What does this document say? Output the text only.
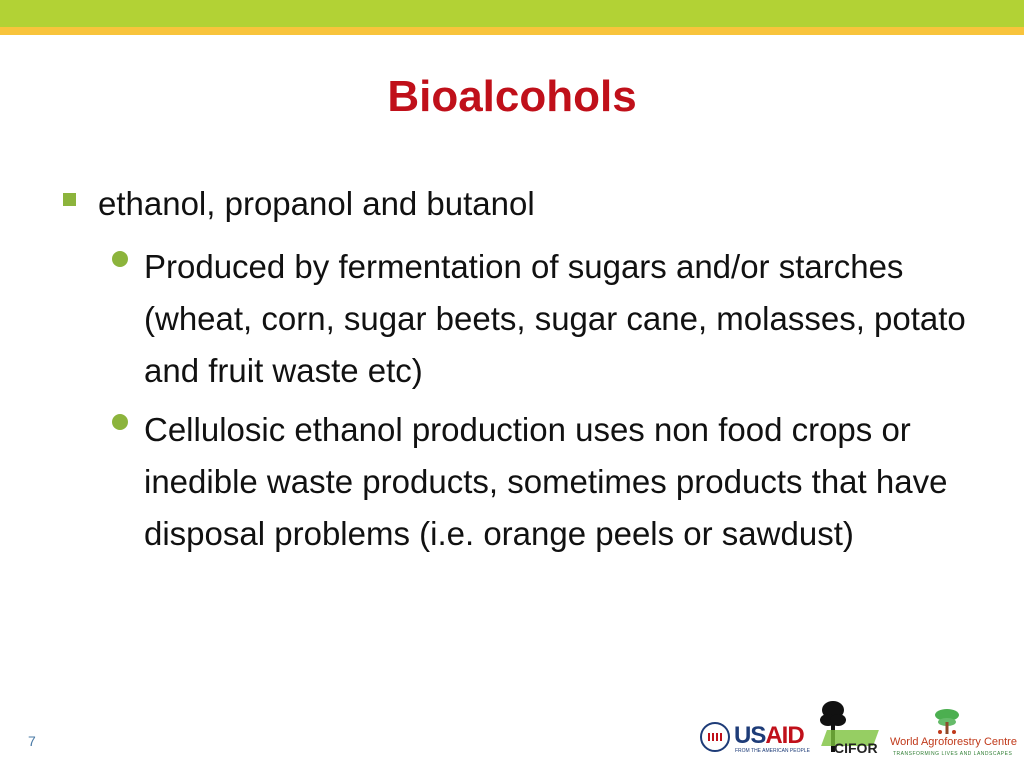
Bioalcohols
ethanol, propanol and butanol
Produced by fermentation of sugars and/or starches (wheat, corn, sugar beets, sugar cane, molasses, potato and fruit waste etc)
Cellulosic ethanol production uses non food crops or inedible waste products, sometimes products that have disposal problems (i.e. orange peels or sawdust)
7	USAID
FROM THE AMERICAN PEOPLE CIFOR World Agroforestry Centre
TRANSFORMING LIVES AND LANDSCAPES
